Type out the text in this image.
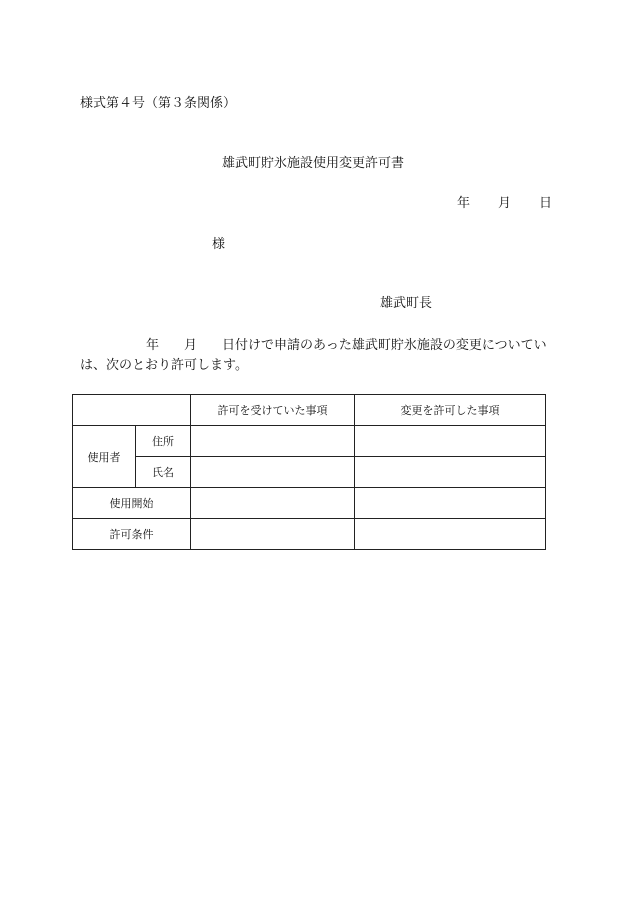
様式第４号（第３条関係）
雄武町貯氷施設使用変更許可書
年 月 日
様
雄武町長
年 月 日付けで申請のあった雄武町貯氷施設の変更についてい
は、次のとおり許可します。
		許可を受けていた事項	変更を許可した事項
使用者	住所		
	氏名		
使用開始			
許可条件			
